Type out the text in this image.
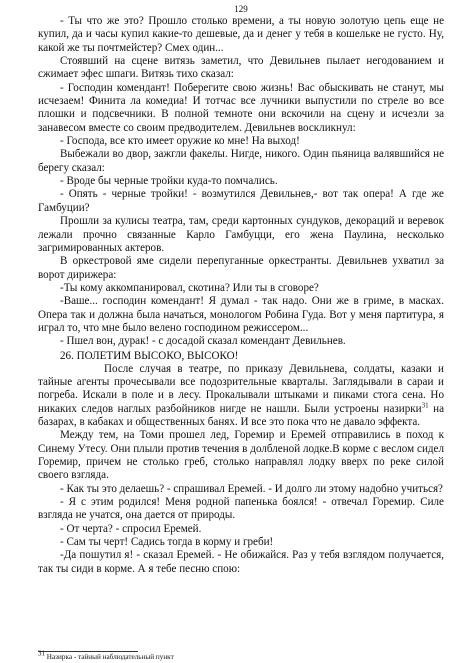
129

- Ты что же это? Прошло столько времени, а ты новую золотую цепь еще не купил, да и часы купил какие-то дешевые, да и денег у тебя в кошельке не густо. Ну, какой же ты почтмейстер? Смех один...

Стоявший на сцене витязь заметил, что Девильнев пылает негодованием и сжимает эфес шпаги. Витязь тихо сказал:

- Господин комендант! Поберегите свою жизнь! Вас обыскивать не станут, мы исчезаем! Финита ла комедиа! И тотчас все лучники выпустили по стреле во все плошки и подсвечники. В полной темноте они вскочили на сцену и исчезли за занавесом вместе со своим предводителем. Девильнев воскликнул:

- Господа, все кто имеет оружие ко мне! На выход!

Выбежали во двор, зажгли факелы. Нигде, никого. Один пьяница валявшийся не берегу сказал:

- Вроде бы черные тройки куда-то помчались.

- Опять - черные тройки! - возмутился Девильнев,- вот так опера! А где же Гамбуции?

Прошли за кулисы театра, там, среди картонных сундуков, декораций и веревок лежали прочно связанные Карло Гамбуцци, его жена Паулина, несколько загримированных актеров.

В оркестровой яме сидели перепуганные оркестранты. Девильнев ухватил за ворот дирижера:

-Ты кому аккомпанировал, скотина? Или ты в сговоре?

-Ваше... господин комендант! Я думал - так надо. Они же в гриме, в масках. Опера так и должна была начаться, монологом Робина Гуда. Вот у меня партитура, я играл то, что мне было велено господином режиссером...

- Пшел вон, дурак! - с досадой сказал комендант Девильнев.

26. ПОЛЕТИМ ВЫСОКО, ВЫСОКО!

После случая в театре, по приказу Девильнева, солдаты, казаки и тайные агенты прочесывали все подозрительные кварталы. Заглядывали в сараи и погреба. Искали в поле и в лесу. Прокалывали штыками и пиками стога сена. Но никаких следов наглых разбойников нигде не нашли. Были устроены назирки$^{31}$ на базарах, в кабаках и общественных банях. И все это пока что не давало эффекта.

Между тем, на Томи прошел лед, Горемир и Еремей отправились в поход к Синему Утесу. Они плыли против течения в долбленой лодке.В корме с веслом сидел Горемир, причем не столько греб, столько направлял лодку вверх по реке силой своего взгляда.

- Как ты это делаешь? - спрашивал Еремей. - И долго ли этому надобно учиться?

- Я с этим родился! Меня родной папенька боялся! - отвечал Горемир. Силе взгляда не учатся, она дается от природы.

- От черта? - спросил Еремей.

- Сам ты черт! Садись тогда в корму и греби!

-Да пошутил я! - сказал Еремей. - Не обижайся. Раз у тебя взглядом получается, так ты сиди в корме. А я тебе песню спою:

$^{31}$ Назирка - тайный наблюдательный пункт
